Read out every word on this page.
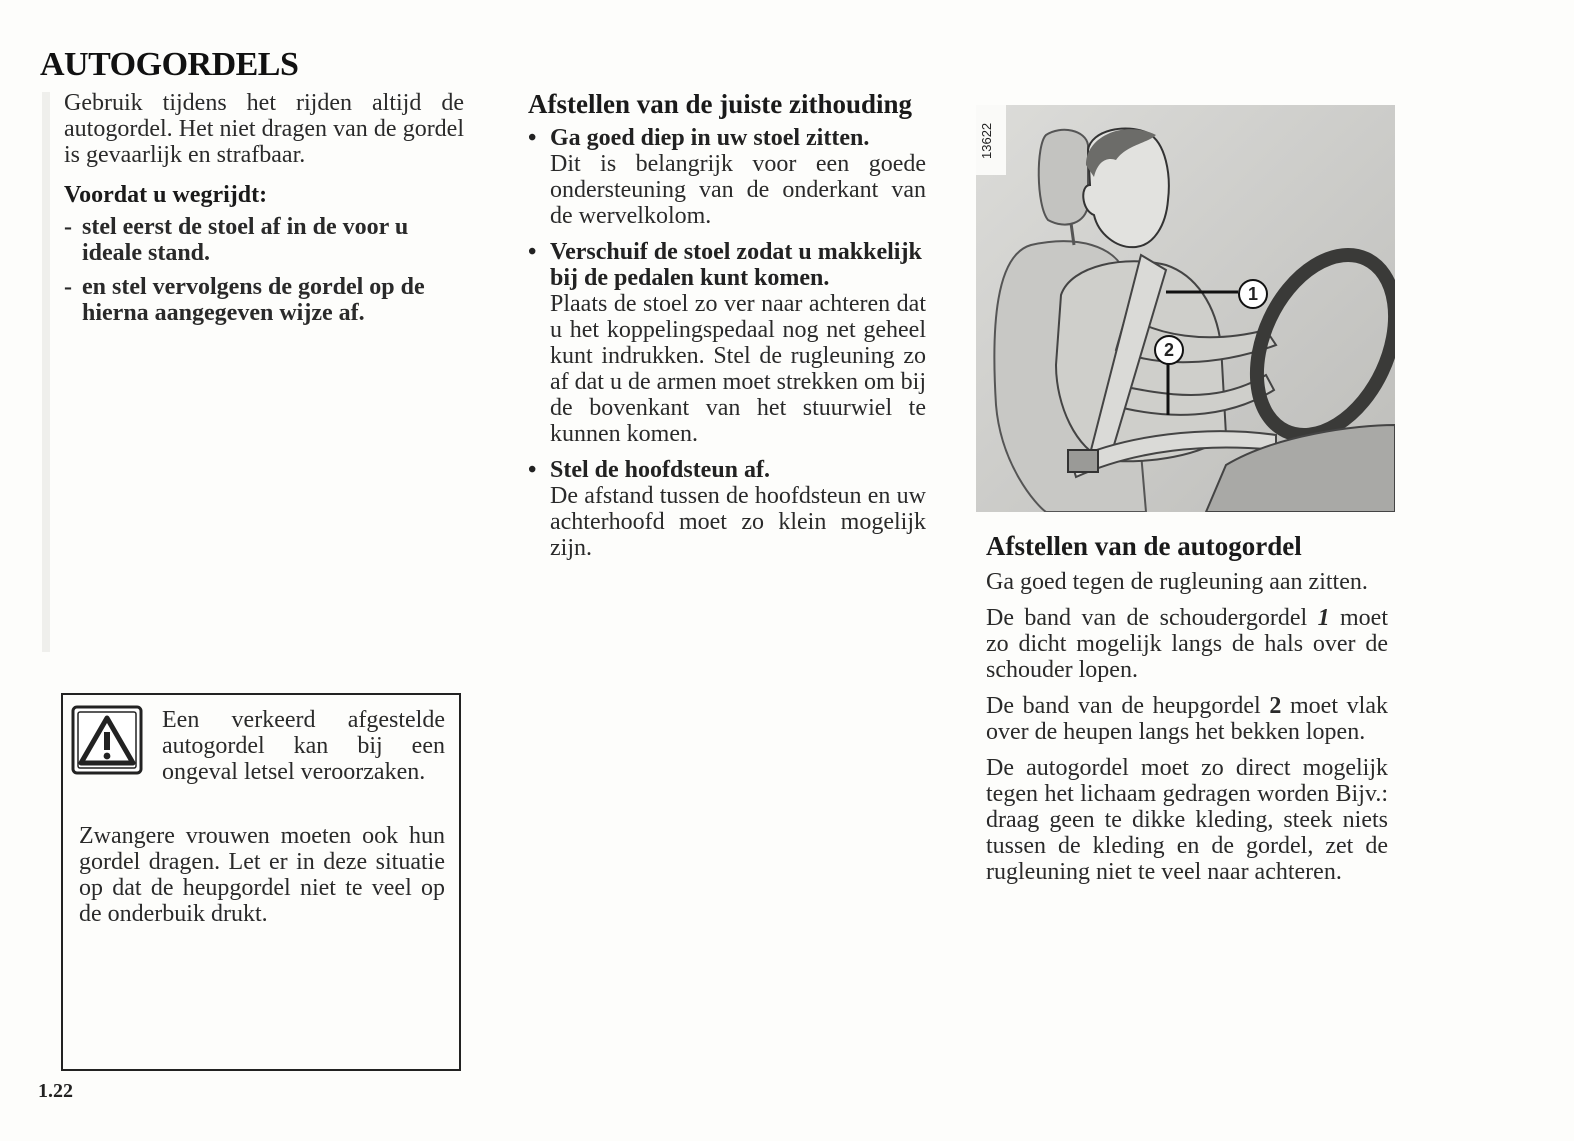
AUTOGORDELS
Gebruik tijdens het rijden altijd de autogordel. Het niet dragen van de gordel is gevaarlijk en strafbaar.
Voordat u wegrijdt:
- stel eerst de stoel af in de voor u ideale stand.
- en stel vervolgens de gordel op de hierna aangegeven wijze af.
Een verkeerd afgestelde autogordel kan bij een ongeval letsel veroorzaken.
Zwangere vrouwen moeten ook hun gordel dragen. Let er in deze situatie op dat de heupgordel niet te veel op de onderbuik drukt.
1.22
Afstellen van de juiste zithouding
• Ga goed diep in uw stoel zitten.
Dit is belangrijk voor een goede ondersteuning van de onderkant van de wervelkolom.
• Verschuif de stoel zodat u makkelijk bij de pedalen kunt komen.
Plaats de stoel zo ver naar achteren dat u het koppelingspedaal nog net geheel kunt indrukken. Stel de rugleuning zo af dat u de armen moet strekken om bij de bovenkant van het stuurwiel te kunnen komen.
• Stel de hoofdsteun af.
De afstand tussen de hoofdsteun en uw achterhoofd moet zo klein mogelijk zijn.
13622
1
2
Afstellen van de autogordel
Ga goed tegen de rugleuning aan zitten.
De band van de schoudergordel 1 moet zo dicht mogelijk langs de hals over de schouder lopen.
De band van de heupgordel 2 moet vlak over de heupen langs het bekken lopen.
De autogordel moet zo direct mogelijk tegen het lichaam gedragen worden Bijv.: draag geen te dikke kleding, steek niets tussen de kleding en de gordel, zet de rugleuning niet te veel naar achteren.
